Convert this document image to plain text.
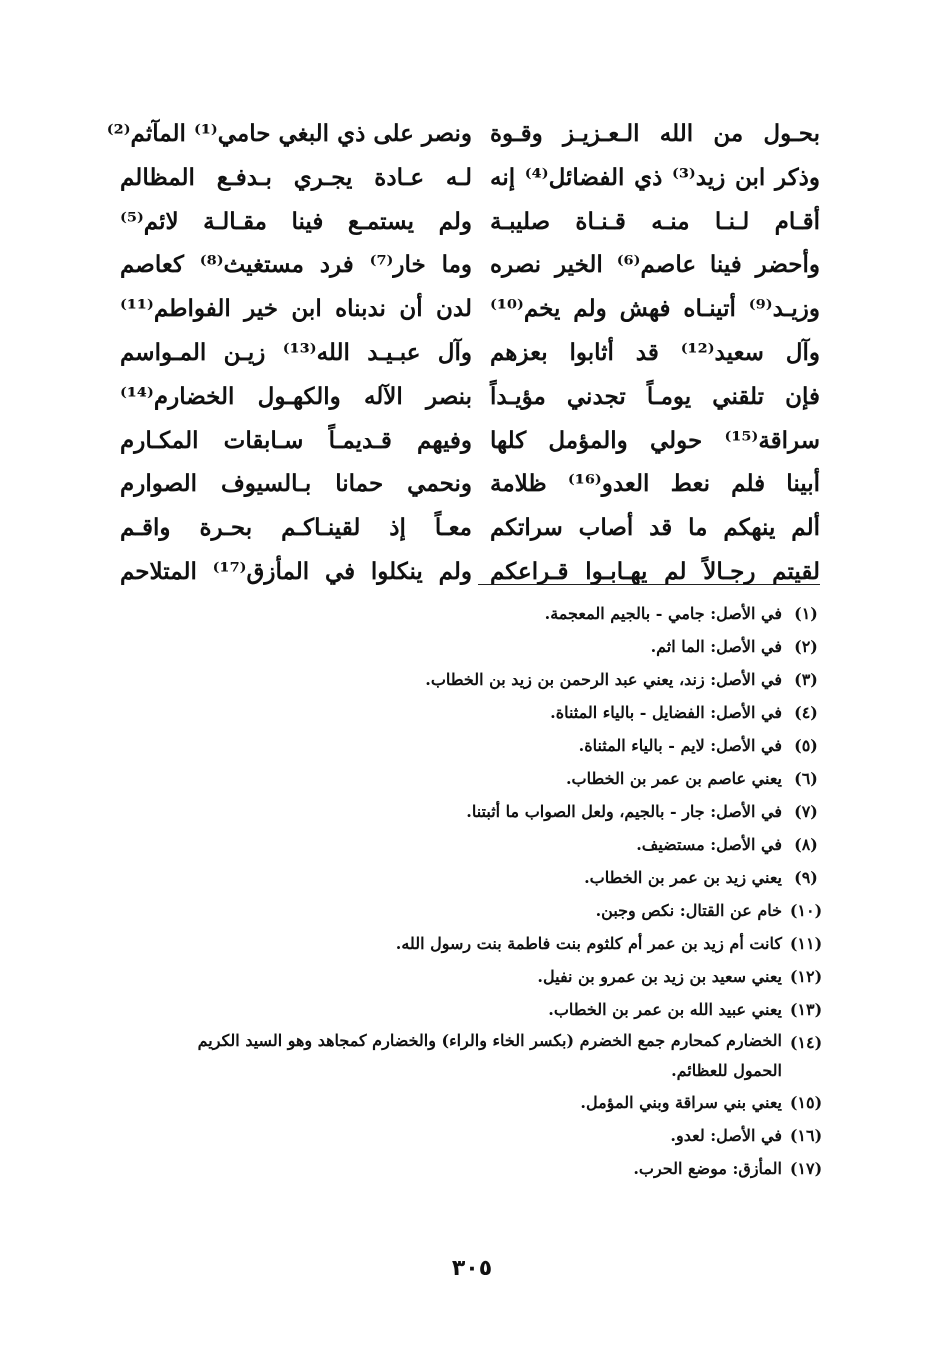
بحـول من الله الـعـزيـز وقـوة
وذكر ابن زيد⁽³⁾ ذي الفضائل⁽⁴⁾ إنه
أقـام لـنـا منـه قـنـاة صليبـة
وأحضر فينا عاصم⁽⁶⁾ الخير نصره
وزيـد⁽⁹⁾ أتينـاه فهش ولم يخم⁽¹⁰⁾
وآل سعيد⁽¹²⁾ قد أثابوا بعزهم
فإن تلقني يومـاً تجدني مؤيـداً
سراقة⁽¹⁵⁾ حولي والمؤمل كلها
أبينا فلم نعط العدو⁽¹⁶⁾ ظلامة
ألم ينهكم ما قد أصاب سراتكم
لقيتم رجـالاً لم يهـابـوا قـراعكم
ونصر على ذي البغي حامي⁽¹⁾ المآثم⁽²⁾
لـه عـادة يجـري بـدفـع المظالم
ولم يستمـع فينا مقـالـة لائم⁽⁵⁾
وما خار⁽⁷⁾ فرد مستغيث⁽⁸⁾ كعاصم
لدن أن ندبناه ابن خير الفواطم⁽¹¹⁾
وآل عبـيـد الله⁽¹³⁾ زيـن المـواسم
بنصر الآله والكهـول الخضارم⁽¹⁴⁾
وفيهم قـديمـاً سـابقات المكـارم
ونحمي حمانا بـالسيوف الصوارم
معـاً إذ لقينـاكـم بحـرة واقـم
ولم ينكلوا في المأزق⁽¹⁷⁾ المتلاحم
(١)
في الأصل: جامي - بالجيم المعجمة.
(٢)
في الأصل: الما اثم.
(٣)
في الأصل: زند، يعني عبد الرحمن بن زيد بن الخطاب.
(٤)
في الأصل: الفضايل - بالياء المثناة.
(٥)
في الأصل: لايم - بالياء المثناة.
(٦)
يعني عاصم بن عمر بن الخطاب.
(٧)
في الأصل: جار - بالجيم، ولعل الصواب ما أثبتنا.
(٨)
في الأصل: مستضيف.
(٩)
يعني زيد بن عمر بن الخطاب.
(١٠)
خام عن القتال: نكص وجبن.
(١١)
كانت أم زيد بن عمر أم كلثوم بنت فاطمة بنت رسول الله.
(١٢)
يعني سعيد بن زيد بن عمرو بن نفيل.
(١٣)
يعني عبيد الله بن عمر بن الخطاب.
(١٤)
الخضارم كمحارم جمع الخضرم (بكسر الخاء والراء) والخضارم كمجاهد وهو السيد الكريم
الحمول للعظائم.
(١٥)
يعني بني سراقة وبني المؤمل.
(١٦)
في الأصل: لعدو.
(١٧)
المأزق: موضع الحرب.
٣٠٥
